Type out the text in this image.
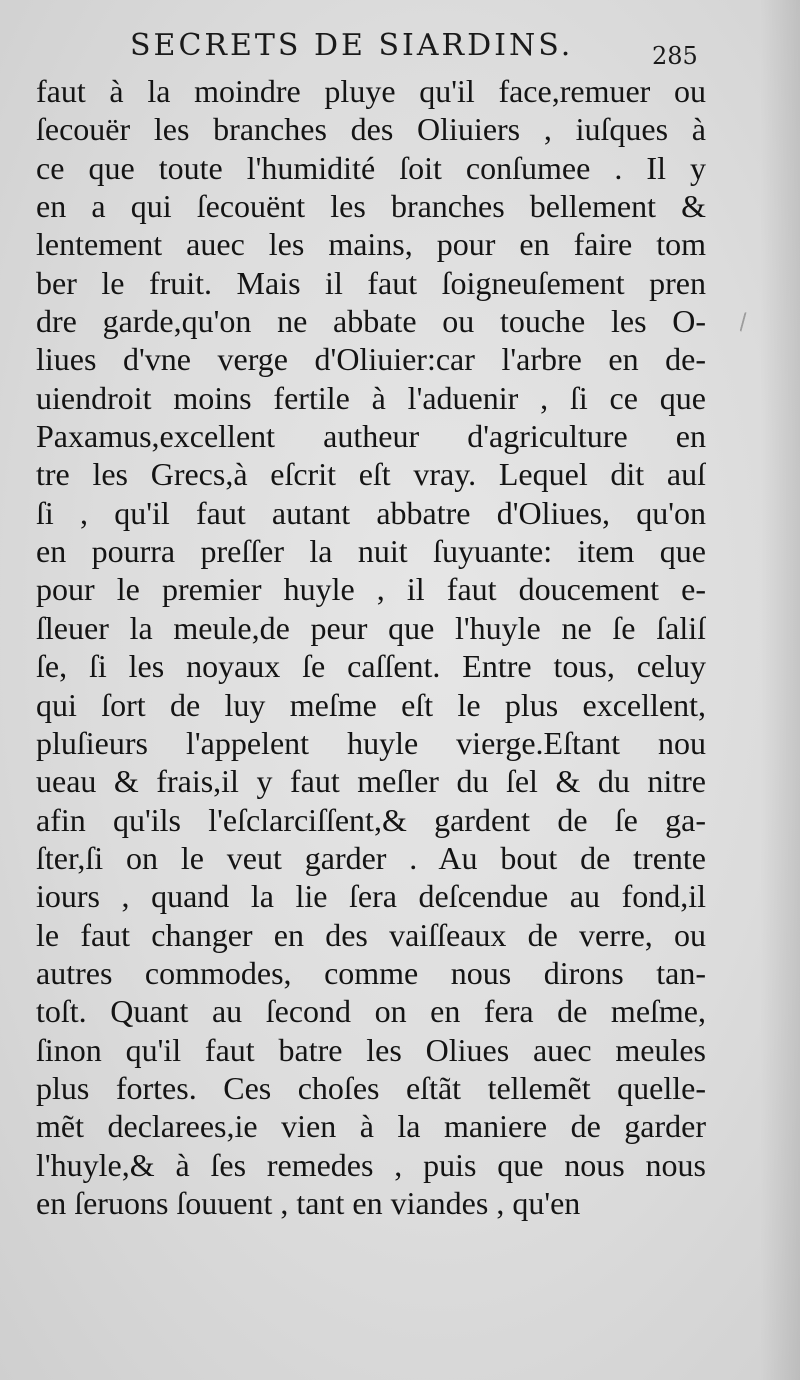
SECRETS DE SIARDINS.	285
faut à la moindre pluye qu'il face,remuer ou
ſecouër les branches des Oliuiers , iuſques à
ce que toute l'humidité ſoit conſumee . Il y
en a qui ſecouënt les branches bellement &
lentement auec les mains, pour en faire tom
ber le fruit. Mais il faut ſoigneuſement pren
dre garde,qu'on ne abbate ou touche les O-
liues d'vne verge d'Oliuier:car l'arbre en de-
uiendroit moins fertile à l'aduenir , ſi ce que
Paxamus,excellent autheur d'agriculture en
tre les Grecs,à eſcrit eſt vray. Lequel dit auſ
ſi , qu'il faut autant abbatre d'Oliues, qu'on
en pourra preſſer la nuit ſuyuante: item que
pour le premier huyle , il faut doucement e-
ſleuer la meule,de peur que l'huyle ne ſe ſaliſ
ſe, ſi les noyaux ſe caſſent. Entre tous, celuy
qui ſort de luy meſme eſt le plus excellent,
pluſieurs l'appelent huyle vierge.Eſtant nou
ueau & frais,il y faut meſler du ſel & du nitre
afin qu'ils l'eſclarciſſent,& gardent de ſe ga-
ſter,ſi on le veut garder . Au bout de trente
iours , quand la lie ſera deſcendue au fond,il
le faut changer en des vaiſſeaux de verre, ou
autres commodes, comme nous dirons tan-
toſt. Quant au ſecond on en fera de meſme,
ſinon qu'il faut batre les Oliues auec meules
plus fortes. Ces choſes eſtãt tellemẽt quelle-
mẽt declarees,ie vien à la maniere de garder
l'huyle,& à ſes remedes , puis que nous nous
en ſeruons ſouuent , tant en viandes , qu'en
